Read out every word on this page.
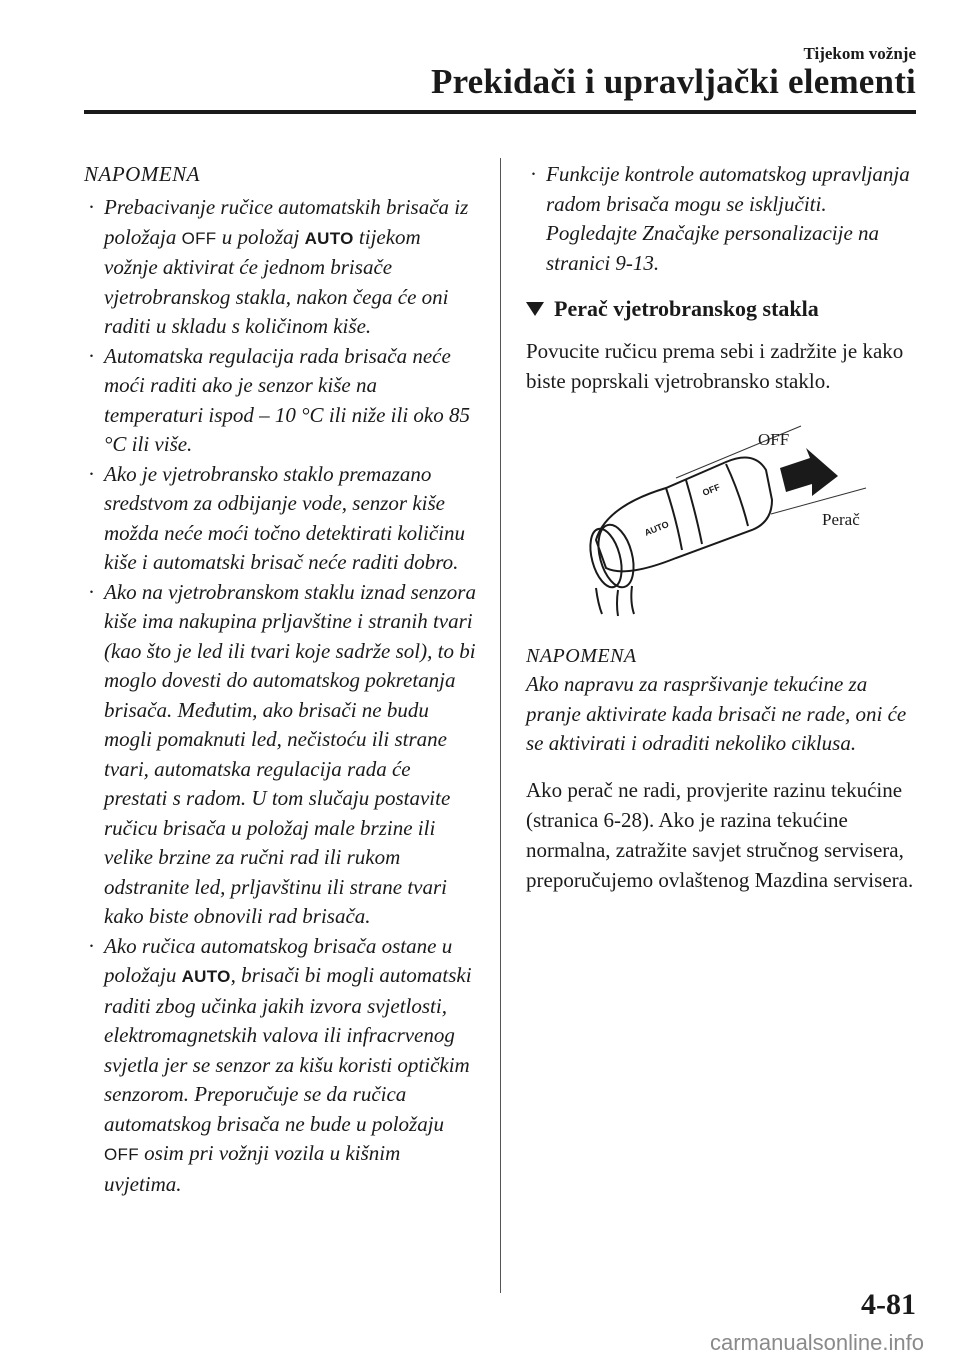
Tijekom vožnje
Prekidači i upravljački elementi
NAPOMENA
· Prebacivanje ručice automatskih brisača iz položaja OFF u položaj AUTO tijekom vožnje aktivirat će jednom brisače vjetrobranskog stakla, nakon čega će oni raditi u skladu s količinom kiše.
· Automatska regulacija rada brisača neće moći raditi ako je senzor kiše na temperaturi ispod – 10 °C ili niže ili oko 85 °C ili više.
· Ako je vjetrobransko staklo premazano sredstvom za odbijanje vode, senzor kiše možda neće moći točno detektirati količinu kiše i automatski brisač neće raditi dobro.
· Ako na vjetrobranskom staklu iznad senzora kiše ima nakupina prljavštine i stranih tvari (kao što je led ili tvari koje sadrže sol), to bi moglo dovesti do automatskog pokretanja brisača. Međutim, ako brisači ne budu mogli pomaknuti led, nečistoću ili strane tvari, automatska regulacija rada će prestati s radom. U tom slučaju postavite ručicu brisača u položaj male brzine ili velike brzine za ručni rad ili rukom odstranite led, prljavštinu ili strane tvari kako biste obnovili rad brisača.
· Ako ručica automatskog brisača ostane u položaju AUTO, brisači bi mogli automatski raditi zbog učinka jakih izvora svjetlosti, elektromagnetskih valova ili infracrvenog svjetla jer se senzor za kišu koristi optičkim senzorom. Preporučuje se da ručica automatskog brisača ne bude u položaju OFF osim pri vožnji vozila u kišnim uvjetima.
· Funkcije kontrole automatskog upravljanja radom brisača mogu se isključiti. Pogledajte Značajke personalizacije na stranici 9-13.
Perač vjetrobranskog stakla

Povucite ručicu prema sebi i zadržite je kako biste poprskali vjetrobransko staklo.

OFF
AUTO
OFF
Perač
NAPOMENA
Ako napravu za raspršivanje tekućine za pranje aktivirate kada brisači ne rade, oni će se aktivirati i odraditi nekoliko ciklusa.

Ako perač ne radi, provjerite razinu tekućine (stranica 6-28). Ako je razina tekućine normalna, zatražite savjet stručnog servisera, preporučujemo ovlaštenog Mazdina servisera.

4-81
carmanualsonline.info
